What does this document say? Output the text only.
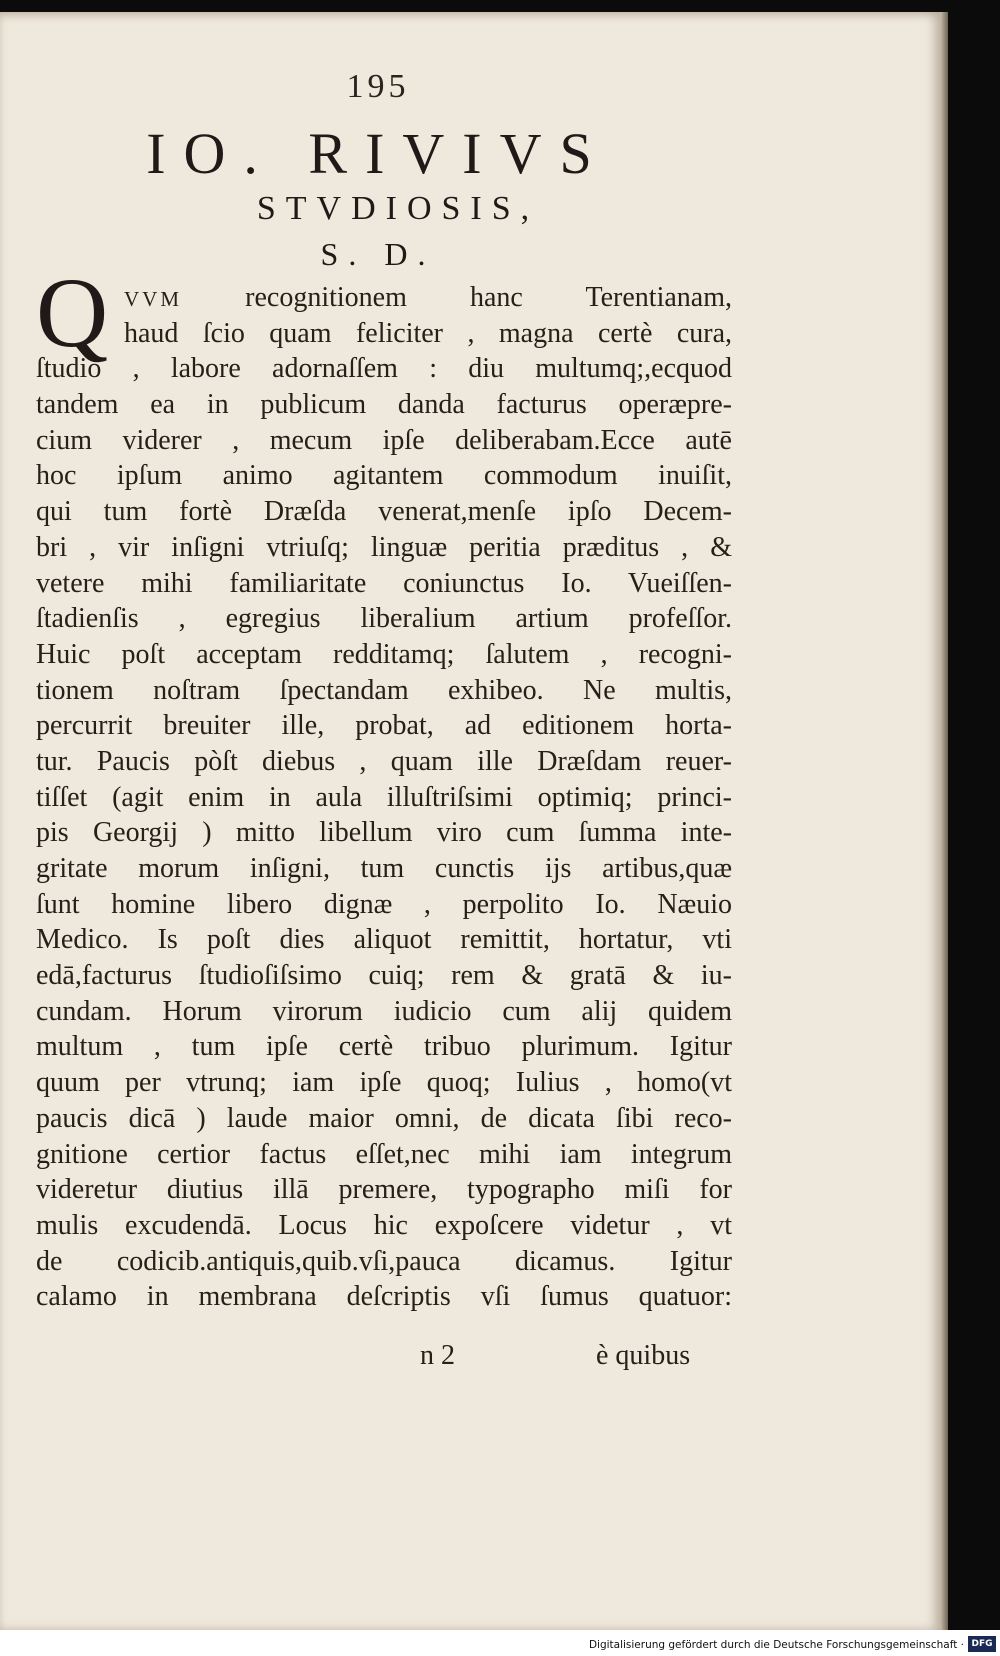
195
IO. RIVIVS
STVDIOSIS,
S. D.
Q VVM recognitionem hanc Terentianam,
haud ſcio quam feliciter , magna certè cura,
ſtudio , labore adornaſſem : diu multumq;,ecquod
tandem ea in publicum danda facturus operæpre-
cium viderer , mecum ipſe deliberabam.Ecce autē
hoc ipſum animo agitantem commodum inuiſit,
qui tum fortè Dræſda venerat,menſe ipſo Decem-
bri , vir inſigni vtriuſq; linguæ peritia præditus , &
vetere mihi familiaritate coniunctus Io. Vueiſſen-
ſtadienſis , egregius liberalium artium profeſſor.
Huic poſt acceptam redditamq; ſalutem , recogni-
tionem noſtram ſpectandam exhibeo. Ne multis,
percurrit breuiter ille, probat, ad editionem horta-
tur. Paucis pòſt diebus , quam ille Dræſdam reuer-
tiſſet (agit enim in aula illuſtriſsimi optimiq; princi-
pis Georgij ) mitto libellum viro cum ſumma inte-
gritate morum inſigni, tum cunctis ijs artibus,quæ
ſunt homine libero dignæ , perpolito Io. Næuio
Medico. Is poſt dies aliquot remittit, hortatur, vti
edā,facturus ſtudioſiſsimo cuiq; rem & gratā & iu-
cundam. Horum virorum iudicio cum alij quidem
multum , tum ipſe certè tribuo plurimum. Igitur
quum per vtrunq; iam ipſe quoq; Iulius , homo(vt
paucis dicā ) laude maior omni, de dicata ſibi reco-
gnitione certior factus eſſet,nec mihi iam integrum
videretur diutius illā premere, typographo miſi for
mulis excudendā. Locus hic expoſcere videtur , vt
de codicib.antiquis,quib.vſi,pauca dicamus. Igitur
calamo in membrana deſcriptis vſi ſumus quatuor:
n 2	è quibus
Digitalisierung gefördert durch die Deutsche Forschungsgemeinschaft · DFG
